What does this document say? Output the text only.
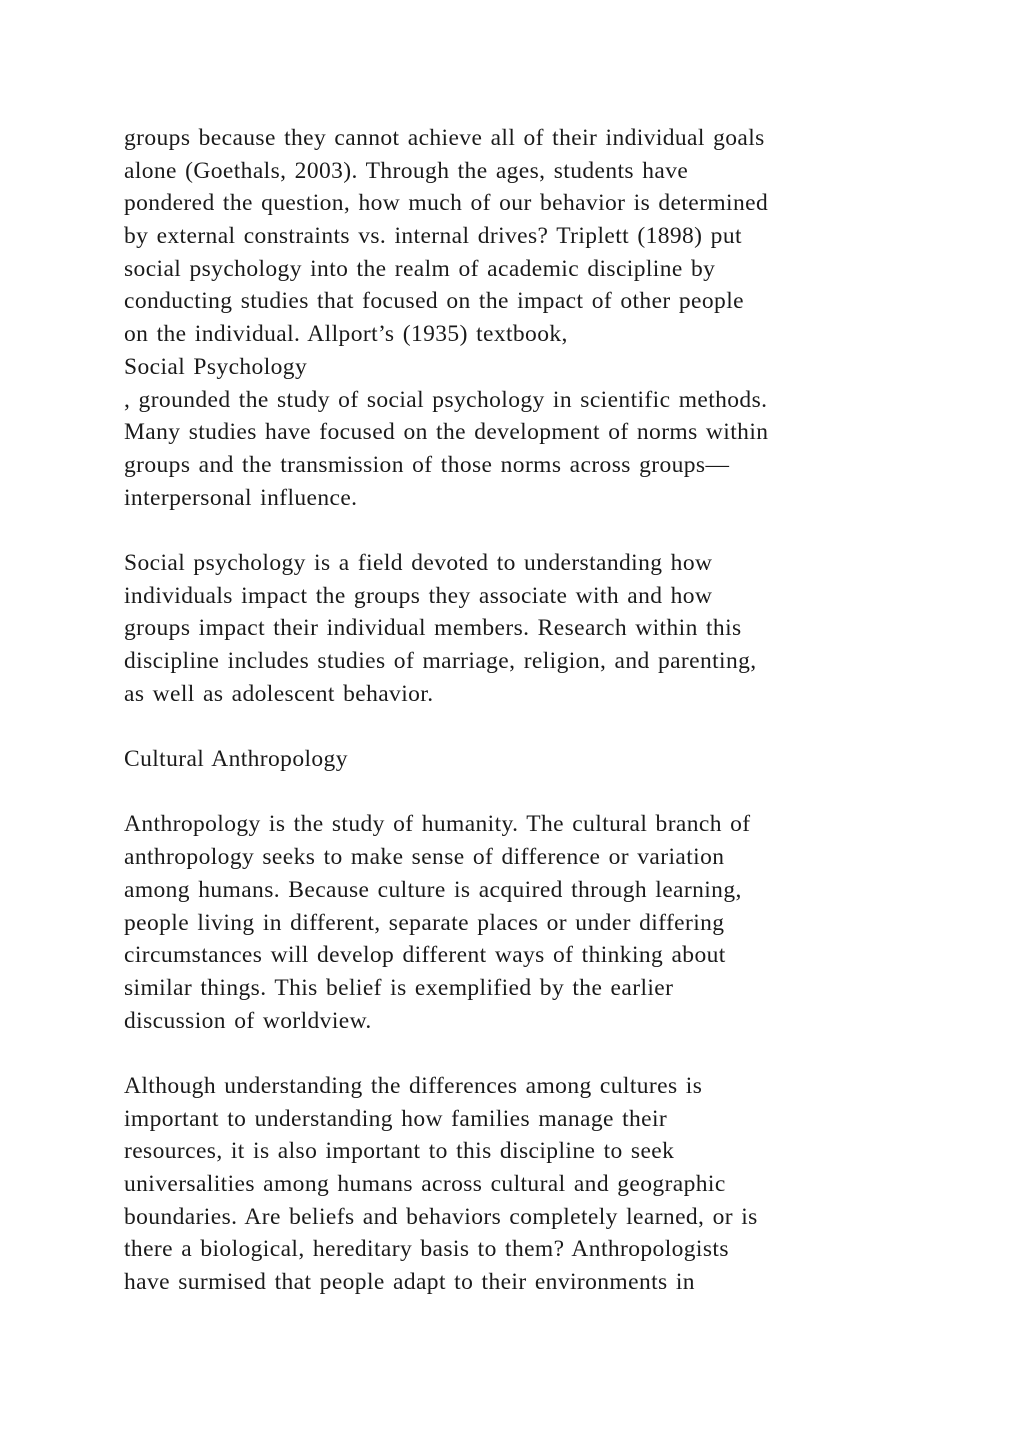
groups because they cannot achieve all of their individual goals
alone (Goethals, 2003). Through the ages, students have
pondered the question, how much of our behavior is determined
by external constraints vs. internal drives? Triplett (1898) put
social psychology into the realm of academic discipline by
conducting studies that focused on the impact of other people
on the individual. Allport’s (1935) textbook,
Social Psychology
, grounded the study of social psychology in scientific methods.
Many studies have focused on the development of norms within
groups and the transmission of those norms across groups—
interpersonal influence.
Social psychology is a field devoted to understanding how
individuals impact the groups they associate with and how
groups impact their individual members. Research within this
discipline includes studies of marriage, religion, and parenting,
as well as adolescent behavior.
Cultural Anthropology
Anthropology is the study of humanity. The cultural branch of
anthropology seeks to make sense of difference or variation
among humans. Because culture is acquired through learning,
people living in different, separate places or under differing
circumstances will develop different ways of thinking about
similar things. This belief is exemplified by the earlier
discussion of worldview.
Although understanding the differences among cultures is
important to understanding how families manage their
resources, it is also important to this discipline to seek
universalities among humans across cultural and geographic
boundaries. Are beliefs and behaviors completely learned, or is
there a biological, hereditary basis to them? Anthropologists
have surmised that people adapt to their environments in
